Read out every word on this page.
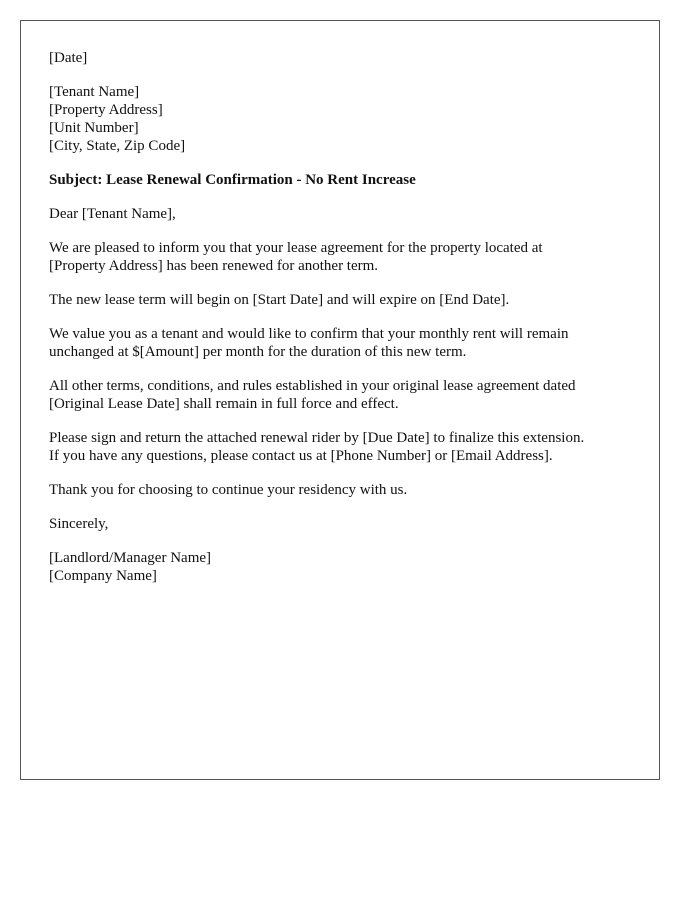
[Date]
[Tenant Name]
[Property Address]
[Unit Number]
[City, State, Zip Code]
Subject: Lease Renewal Confirmation - No Rent Increase
Dear [Tenant Name],
We are pleased to inform you that your lease agreement for the property located at
[Property Address] has been renewed for another term.
The new lease term will begin on [Start Date] and will expire on [End Date].
We value you as a tenant and would like to confirm that your monthly rent will remain
unchanged at $[Amount] per month for the duration of this new term.
All other terms, conditions, and rules established in your original lease agreement dated
[Original Lease Date] shall remain in full force and effect.
Please sign and return the attached renewal rider by [Due Date] to finalize this extension.
If you have any questions, please contact us at [Phone Number] or [Email Address].
Thank you for choosing to continue your residency with us.
Sincerely,
[Landlord/Manager Name]
[Company Name]
